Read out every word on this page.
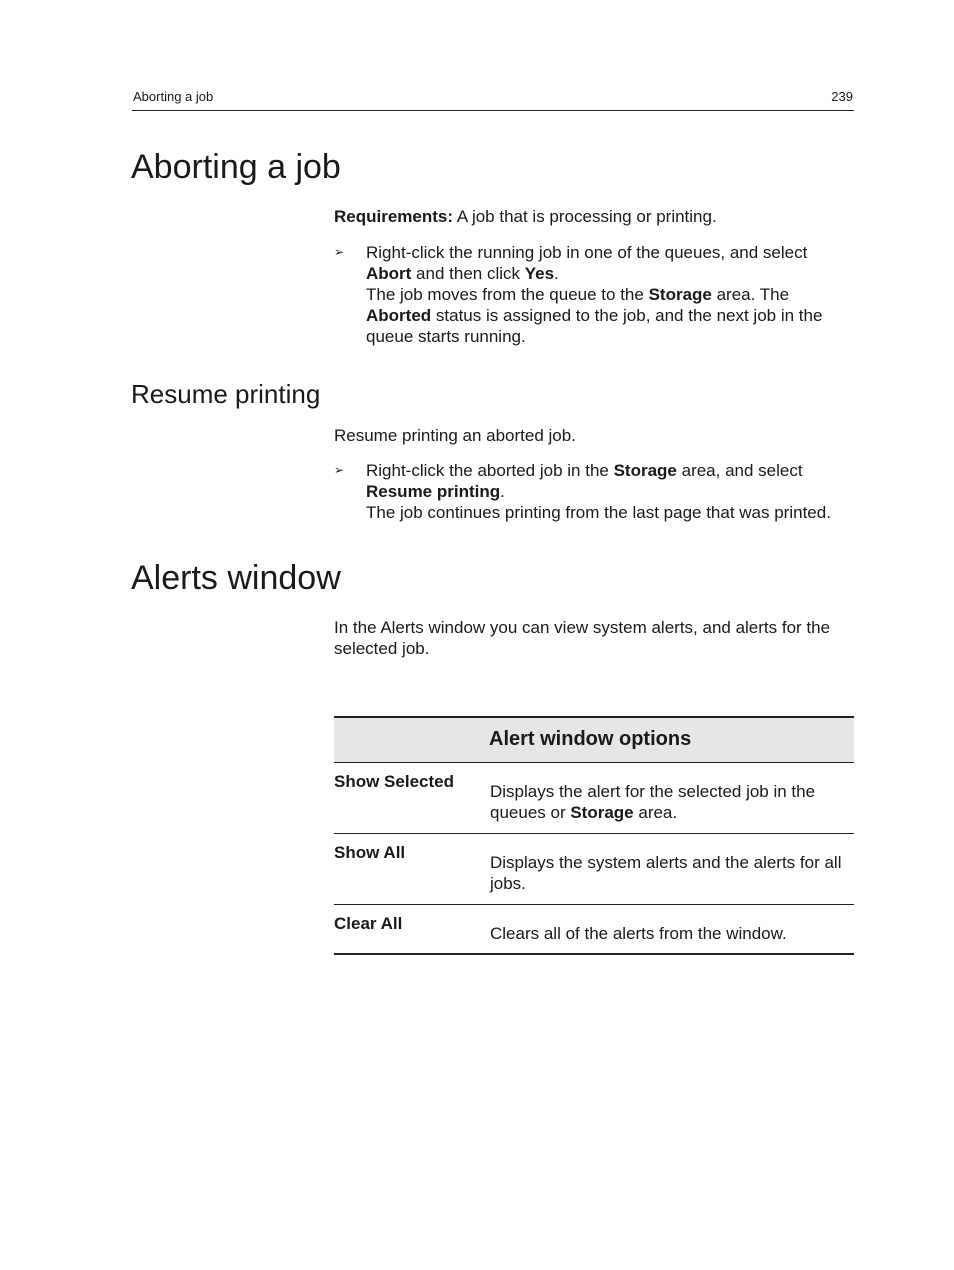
Aborting a job	239
Aborting a job

Requirements: A job that is processing or printing.

➢ Right-click the running job in one of the queues, and select Abort and then click Yes.
The job moves from the queue to the Storage area. The Aborted status is assigned to the job, and the next job in the queue starts running.
Resume printing

Resume printing an aborted job.

➢ Right-click the aborted job in the Storage area, and select Resume printing.
The job continues printing from the last page that was printed.
Alerts window

In the Alerts window you can view system alerts, and alerts for the selected job.

Alert window options
Show Selected
Displays the alert for the selected job in the queues or Storage area.
Show All
Displays the system alerts and the alerts for all jobs.
Clear All
Clears all of the alerts from the window.
